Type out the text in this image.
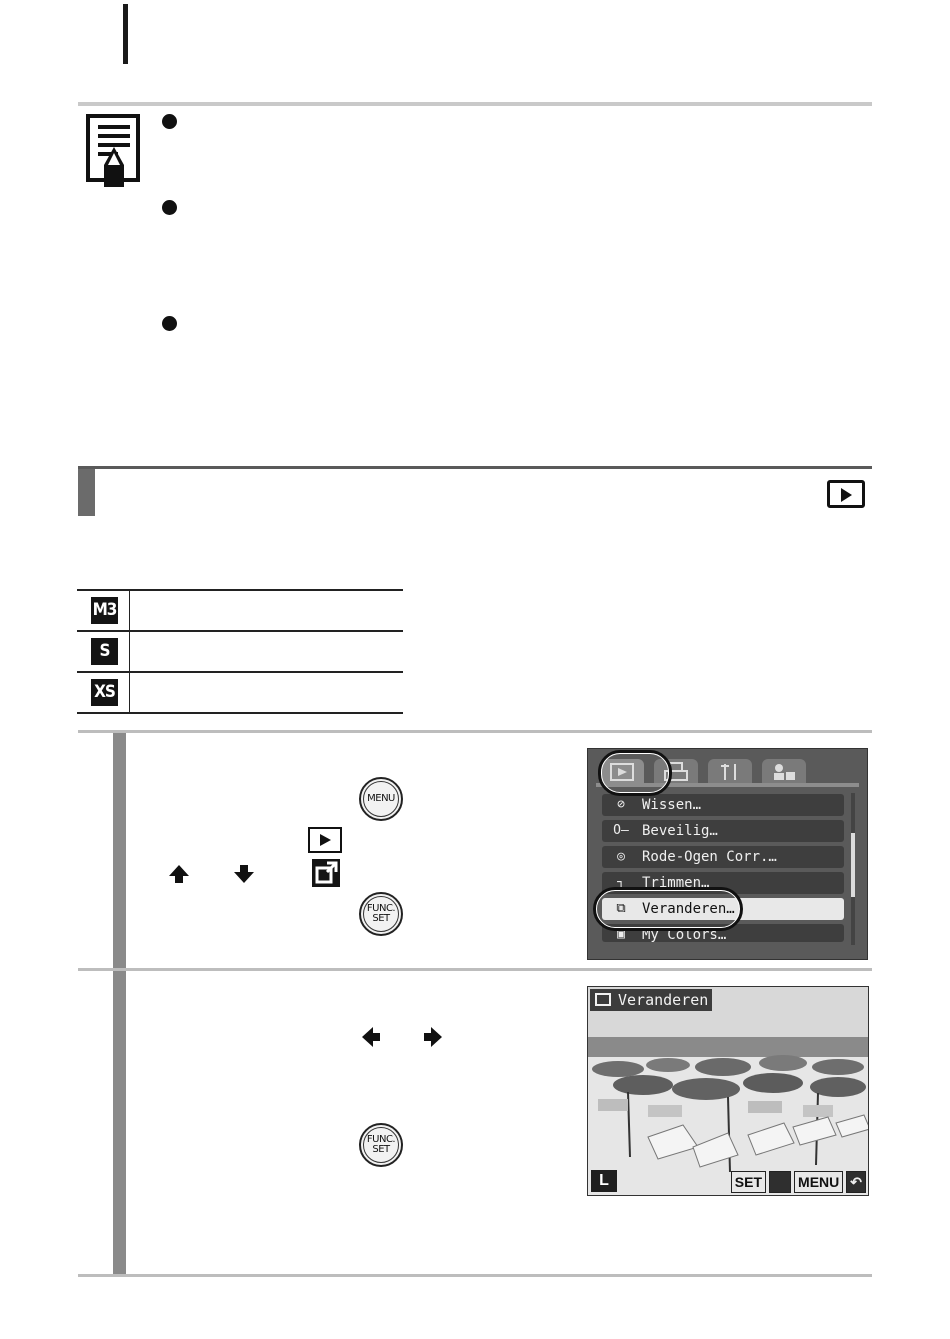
M3
S
XS
MENU
FUNC.
SET
⊘	Wissen…
O— Beveilig…
◎	Rode-Ogen Corr.…
┐	Trimmen…
⧉	Veranderen…
▣	My Colors…
FUNC.
SET
Veranderen
L	SET	MENU ↶
